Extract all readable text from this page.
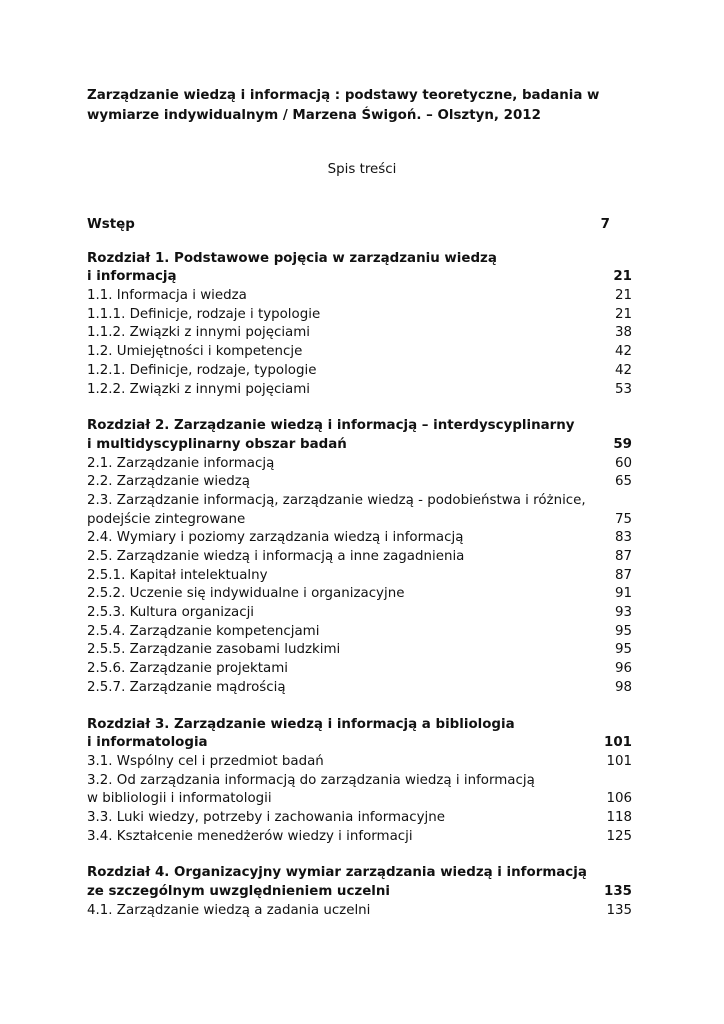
Zarządzanie wiedzą i informacją : podstawy teoretyczne, badania w
wymiarze indywidualnym / Marzena Świgoń. – Olsztyn, 2012
Spis treści
Wstęp	7
Rozdział 1. Podstawowe pojęcia w zarządzaniu wiedzą
i informacją	21
1.1. Informacja i wiedza	21
1.1.1. Definicje, rodzaje i typologie	21
1.1.2. Związki z innymi pojęciami	38
1.2. Umiejętności i kompetencje	42
1.2.1. Definicje, rodzaje, typologie	42
1.2.2. Związki z innymi pojęciami	53
Rozdział 2. Zarządzanie wiedzą i informacją – interdyscyplinarny
i multidyscyplinarny obszar badań	59
2.1. Zarządzanie informacją	60
2.2. Zarządzanie wiedzą	65
2.3. Zarządzanie informacją, zarządzanie wiedzą - podobieństwa i różnice,
podejście zintegrowane	75
2.4. Wymiary i poziomy zarządzania wiedzą i informacją	83
2.5. Zarządzanie wiedzą i informacją a inne zagadnienia	87
2.5.1. Kapitał intelektualny	87
2.5.2. Uczenie się indywidualne i organizacyjne	91
2.5.3. Kultura organizacji	93
2.5.4. Zarządzanie kompetencjami	95
2.5.5. Zarządzanie zasobami ludzkimi	95
2.5.6. Zarządzanie projektami	96
2.5.7. Zarządzanie mądrością	98
Rozdział 3. Zarządzanie wiedzą i informacją a bibliologia
i informatologia	101
3.1. Wspólny cel i przedmiot badań	101
3.2. Od zarządzania informacją do zarządzania wiedzą i informacją
w bibliologii i informatologii	106
3.3. Luki wiedzy, potrzeby i zachowania informacyjne	118
3.4. Kształcenie menedżerów wiedzy i informacji	125
Rozdział 4. Organizacyjny wymiar zarządzania wiedzą i informacją
ze szczególnym uwzględnieniem uczelni	135
4.1. Zarządzanie wiedzą a zadania uczelni	135
